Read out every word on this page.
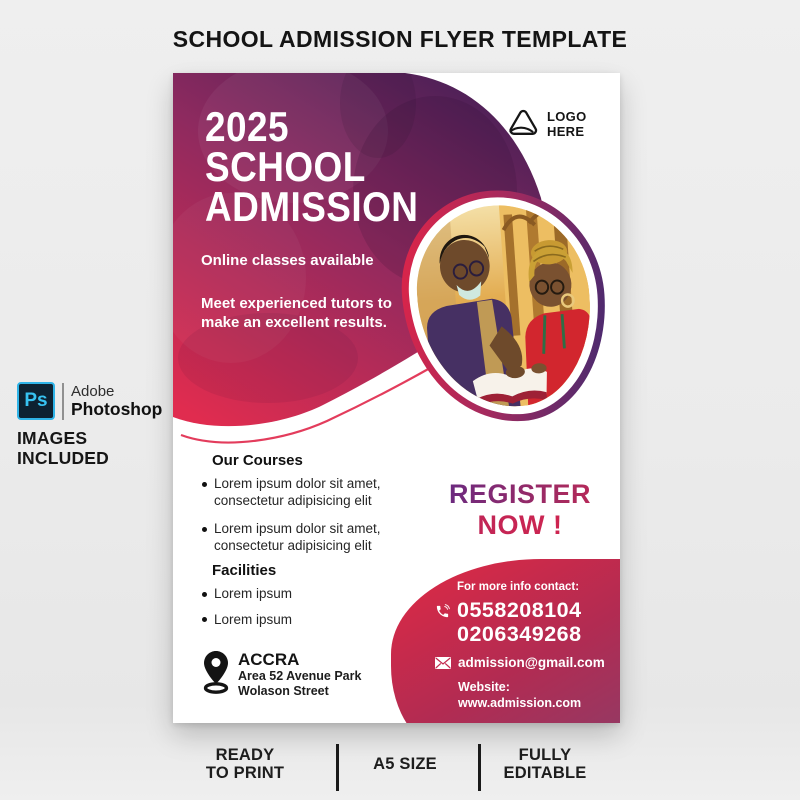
SCHOOL ADMISSION FLYER TEMPLATE
Ps Adobe
Photoshop
IMAGES
INCLUDED
LOGO
HERE
2025
SCHOOL
ADMISSION
Online classes available
Meet experienced tutors to
make an excellent results.
Our Courses
Lorem ipsum dolor sit amet, consectetur adipisicing elit
Lorem ipsum dolor sit amet, consectetur adipisicing elit
Facilities
Lorem ipsum
Lorem ipsum
REGISTER
NOW !
For more info contact:
0558208104
0206349268
admission@gmail.com
Website:
www.admission.com
ACCRA
Area 52 Avenue Park
Wolason Street
READY
TO PRINT	A5 SIZE	FULLY
EDITABLE
